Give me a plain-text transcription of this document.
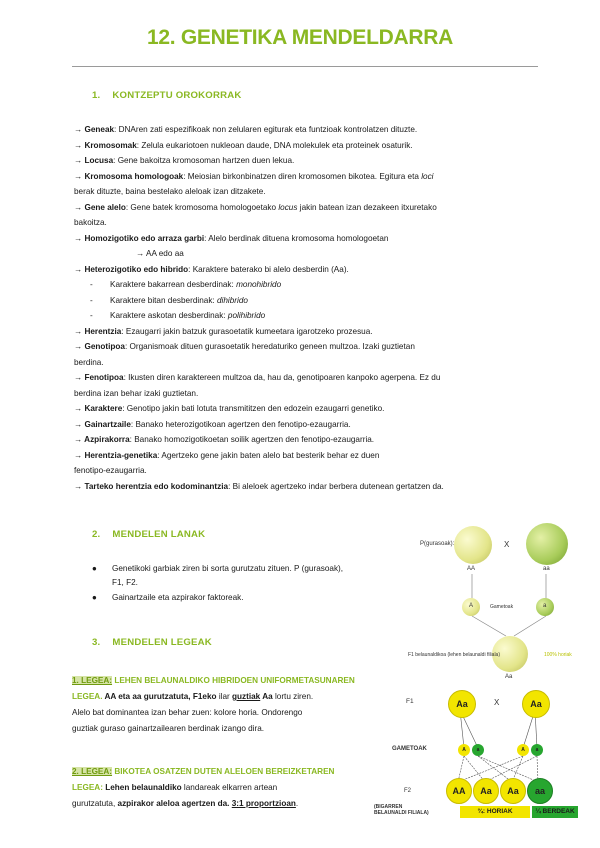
12. GENETIKA MENDELDARRA
1. KONTZEPTU OROKORRAK
→ Geneak: DNAren zati espezifikoak non zelularen egiturak eta funtzioak kontrolatzen dituzte.
→ Kromosomak: Zelula eukariotoen nukleoan daude, DNA molekulek eta proteinek osaturik.
→ Locusa: Gene bakoitza kromosoman hartzen duen lekua.
→ Kromosoma homologoak: Meiosian birkonbinatzen diren kromosomen bikotea. Egitura eta loci
berak dituzte, baina bestelako aleloak izan ditzakete.
→ Gene alelo: Gene batek kromosoma homologoetako locus jakin batean izan dezakeen itxuretako
bakoitza.
→ Homozigotiko edo arraza garbi: Alelo berdinak dituena kromosoma homologoetan
→ AA edo aa
→ Heterozigotiko edo hibrido: Karaktere baterako bi alelo desberdin (Aa).
- Karaktere bakarrean desberdinak: monohibrido
- Karaktere bitan desberdinak: dihibrido
- Karaktere askotan desberdinak: polihibrido
→ Herentzia: Ezaugarri jakin batzuk gurasoetatik kumeetara igarotzeko prozesua.
→ Genotipoa: Organismoak dituen gurasoetatik heredaturiko geneen multzoa. Izaki guztietan
berdina.
→ Fenotipoa: Ikusten diren karaktereen multzoa da, hau da, genotipoaren kanpoko agerpena. Ez du
berdina izan behar izaki guztietan.
→ Karaktere: Genotipo jakin bati lotuta transmititzen den edozein ezaugarri genetiko.
→ Gainartzaile: Banako heterozigotikoan agertzen den fenotipo-ezaugarria.
→ Azpirakorra: Banako homozigotikoetan soilik agertzen den fenotipo-ezaugarria.
→ Herentzia-genetika: Agertzeko gene jakin baten alelo bat besterik behar ez duen
fenotipo-ezaugarria.
→ Tarteko herentzia edo kodominantzia: Bi aleloek agertzeko indar berbera dutenean gertatzen da.
2. MENDELEN LANAK
● Genetikoki garbiak ziren bi sorta gurutzatu zituen. P (gurasoak),
F1, F2.
● Gainartzaile eta azpirakor faktoreak.
3. MENDELEN LEGEAK
1. LEGEA: LEHEN BELAUNALDIKO HIBRIDOEN UNIFORMETASUNAREN
LEGEA. AA eta aa gurutzatuta, F1eko ilar guztiak Aa lortu ziren.
Alelo bat dominantea izan behar zuen: kolore horia. Ondorengo
guztiak guraso gainartzailearen berdinak izango dira.
2. LEGEA: BIKOTEA OSATZEN DUTEN ALELOEN BEREIZKETAREN
LEGEA: Lehen belaunaldiko landareak elkarren artean
gurutzatuta, azpirakor aleloa agertzen da. 3:1 proportzioan.
P(gurasoak):	X
AA	aa
A	Gametoak	a
F1 belaunaldikoa (lehen belaunaldi filiala)
Aa
100% horiak
F1	Aa	X	Aa
GAMETOAK	A a	A a
F2	AA Aa Aa aa
(BIGARREN BELAUNALDI FILIALA)	¾: HORIAK	¼ BERDEAK
